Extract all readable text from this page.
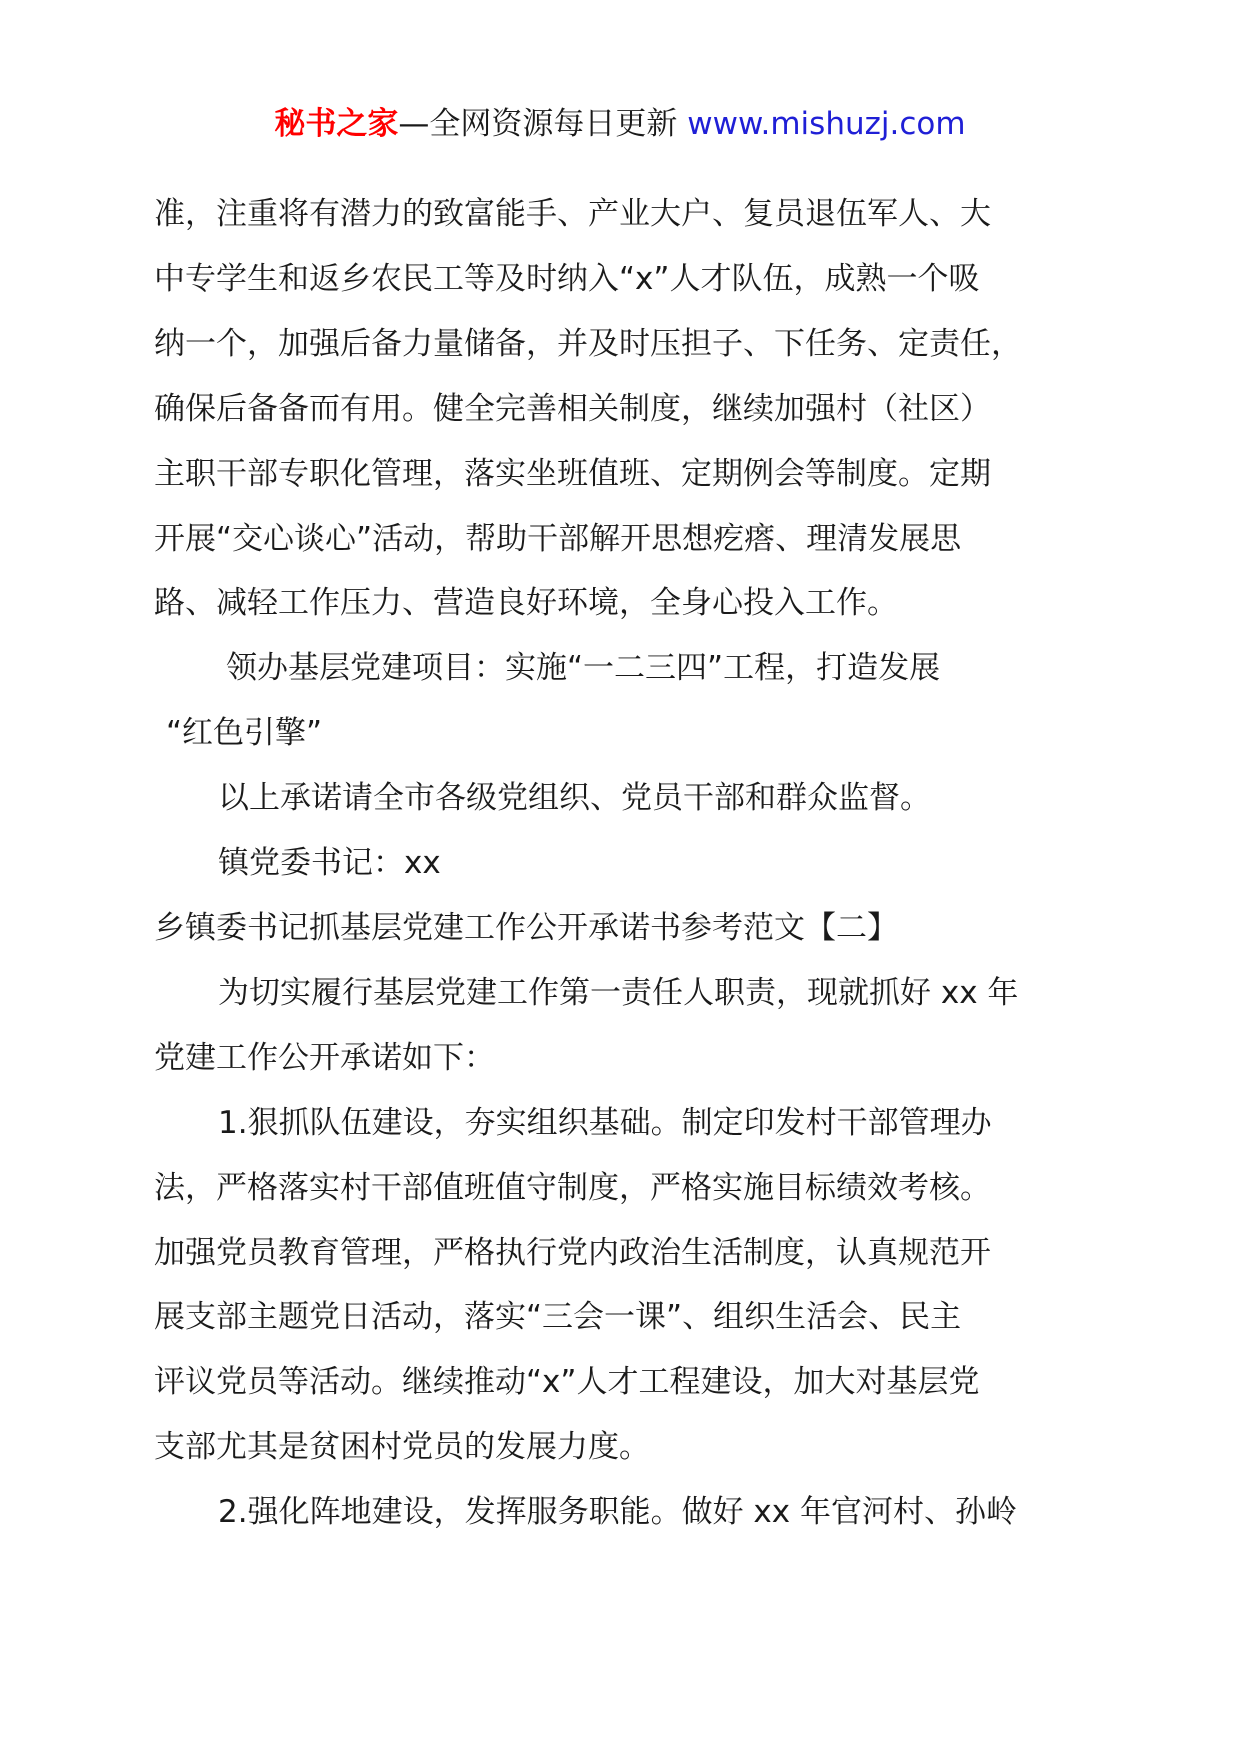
秘书之家—全网资源每日更新 www.mishuzj.com

准，注重将有潜力的致富能手、产业大户、复员退伍军人、大

中专学生和返乡农民工等及时纳入“x”人才队伍，成熟一个吸

纳一个，加强后备力量储备，并及时压担子、下任务、定责任，

确保后备备而有用。健全完善相关制度，继续加强村（社区）

主职干部专职化管理，落实坐班值班、定期例会等制度。定期

开展“交心谈心”活动，帮助干部解开思想疙瘩、理清发展思

路、减轻工作压力、营造良好环境，全身心投入工作。

领办基层党建项目：实施“一二三四”工程，打造发展

“红色引擎”

以上承诺请全市各级党组织、党员干部和群众监督。

镇党委书记：xx

乡镇委书记抓基层党建工作公开承诺书参考范文【二】

为切实履行基层党建工作第一责任人职责，现就抓好 xx 年

党建工作公开承诺如下：

1.狠抓队伍建设，夯实组织基础。制定印发村干部管理办

法，严格落实村干部值班值守制度，严格实施目标绩效考核。

加强党员教育管理，严格执行党内政治生活制度，认真规范开

展支部主题党日活动，落实“三会一课”、组织生活会、民主

评议党员等活动。继续推动“x”人才工程建设，加大对基层党

支部尤其是贫困村党员的发展力度。

2.强化阵地建设，发挥服务职能。做好 xx 年官河村、孙岭
